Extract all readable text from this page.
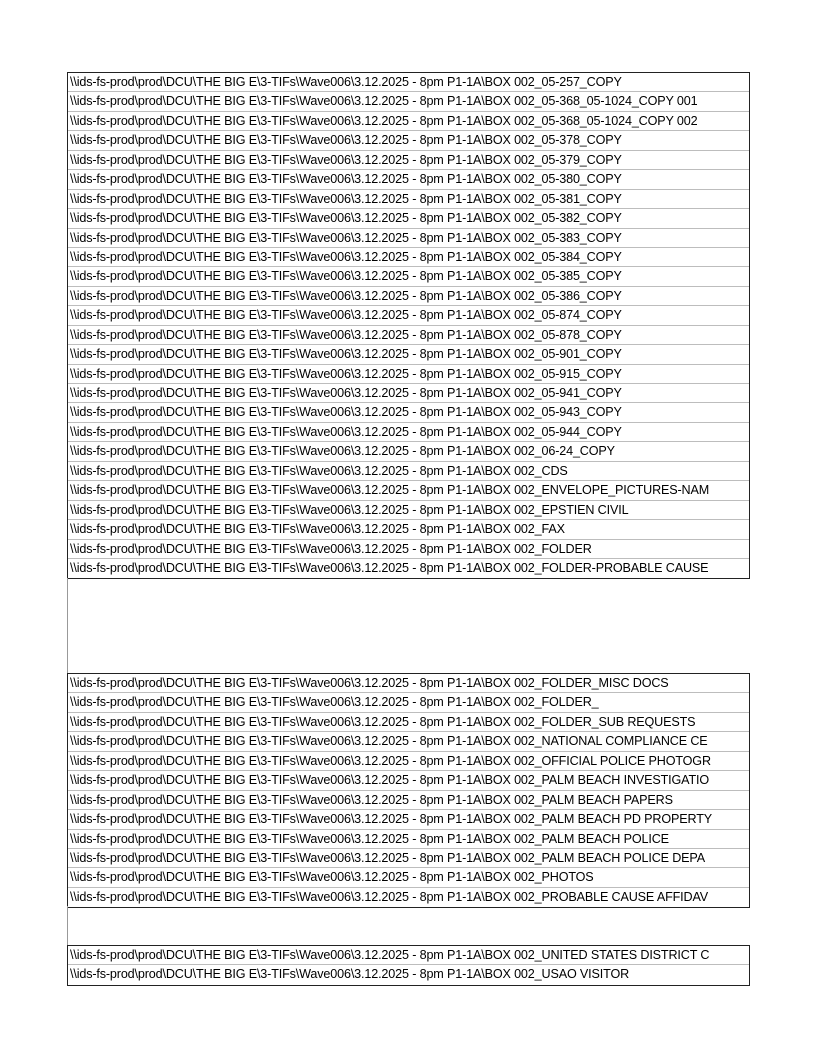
\\ids-fs-prod\prod\DCU\THE BIG E\3-TIFs\Wave006\3.12.2025 - 8pm P1-1A\BOX 002_05-257_COPY
\\ids-fs-prod\prod\DCU\THE BIG E\3-TIFs\Wave006\3.12.2025 - 8pm P1-1A\BOX 002_05-368_05-1024_COPY 001
\\ids-fs-prod\prod\DCU\THE BIG E\3-TIFs\Wave006\3.12.2025 - 8pm P1-1A\BOX 002_05-368_05-1024_COPY 002
\\ids-fs-prod\prod\DCU\THE BIG E\3-TIFs\Wave006\3.12.2025 - 8pm P1-1A\BOX 002_05-378_COPY
\\ids-fs-prod\prod\DCU\THE BIG E\3-TIFs\Wave006\3.12.2025 - 8pm P1-1A\BOX 002_05-379_COPY
\\ids-fs-prod\prod\DCU\THE BIG E\3-TIFs\Wave006\3.12.2025 - 8pm P1-1A\BOX 002_05-380_COPY
\\ids-fs-prod\prod\DCU\THE BIG E\3-TIFs\Wave006\3.12.2025 - 8pm P1-1A\BOX 002_05-381_COPY
\\ids-fs-prod\prod\DCU\THE BIG E\3-TIFs\Wave006\3.12.2025 - 8pm P1-1A\BOX 002_05-382_COPY
\\ids-fs-prod\prod\DCU\THE BIG E\3-TIFs\Wave006\3.12.2025 - 8pm P1-1A\BOX 002_05-383_COPY
\\ids-fs-prod\prod\DCU\THE BIG E\3-TIFs\Wave006\3.12.2025 - 8pm P1-1A\BOX 002_05-384_COPY
\\ids-fs-prod\prod\DCU\THE BIG E\3-TIFs\Wave006\3.12.2025 - 8pm P1-1A\BOX 002_05-385_COPY
\\ids-fs-prod\prod\DCU\THE BIG E\3-TIFs\Wave006\3.12.2025 - 8pm P1-1A\BOX 002_05-386_COPY
\\ids-fs-prod\prod\DCU\THE BIG E\3-TIFs\Wave006\3.12.2025 - 8pm P1-1A\BOX 002_05-874_COPY
\\ids-fs-prod\prod\DCU\THE BIG E\3-TIFs\Wave006\3.12.2025 - 8pm P1-1A\BOX 002_05-878_COPY
\\ids-fs-prod\prod\DCU\THE BIG E\3-TIFs\Wave006\3.12.2025 - 8pm P1-1A\BOX 002_05-901_COPY
\\ids-fs-prod\prod\DCU\THE BIG E\3-TIFs\Wave006\3.12.2025 - 8pm P1-1A\BOX 002_05-915_COPY
\\ids-fs-prod\prod\DCU\THE BIG E\3-TIFs\Wave006\3.12.2025 - 8pm P1-1A\BOX 002_05-941_COPY
\\ids-fs-prod\prod\DCU\THE BIG E\3-TIFs\Wave006\3.12.2025 - 8pm P1-1A\BOX 002_05-943_COPY
\\ids-fs-prod\prod\DCU\THE BIG E\3-TIFs\Wave006\3.12.2025 - 8pm P1-1A\BOX 002_05-944_COPY
\\ids-fs-prod\prod\DCU\THE BIG E\3-TIFs\Wave006\3.12.2025 - 8pm P1-1A\BOX 002_06-24_COPY
\\ids-fs-prod\prod\DCU\THE BIG E\3-TIFs\Wave006\3.12.2025 - 8pm P1-1A\BOX 002_CDS
\\ids-fs-prod\prod\DCU\THE BIG E\3-TIFs\Wave006\3.12.2025 - 8pm P1-1A\BOX 002_ENVELOPE_PICTURES-NAM
\\ids-fs-prod\prod\DCU\THE BIG E\3-TIFs\Wave006\3.12.2025 - 8pm P1-1A\BOX 002_EPSTIEN CIVIL
\\ids-fs-prod\prod\DCU\THE BIG E\3-TIFs\Wave006\3.12.2025 - 8pm P1-1A\BOX 002_FAX
\\ids-fs-prod\prod\DCU\THE BIG E\3-TIFs\Wave006\3.12.2025 - 8pm P1-1A\BOX 002_FOLDER
\\ids-fs-prod\prod\DCU\THE BIG E\3-TIFs\Wave006\3.12.2025 - 8pm P1-1A\BOX 002_FOLDER-PROBABLE CAUSE
\\ids-fs-prod\prod\DCU\THE BIG E\3-TIFs\Wave006\3.12.2025 - 8pm P1-1A\BOX 002_FOLDER_MISC DOCS
\\ids-fs-prod\prod\DCU\THE BIG E\3-TIFs\Wave006\3.12.2025 - 8pm P1-1A\BOX 002_FOLDER_
\\ids-fs-prod\prod\DCU\THE BIG E\3-TIFs\Wave006\3.12.2025 - 8pm P1-1A\BOX 002_FOLDER_SUB REQUESTS
\\ids-fs-prod\prod\DCU\THE BIG E\3-TIFs\Wave006\3.12.2025 - 8pm P1-1A\BOX 002_NATIONAL COMPLIANCE CE
\\ids-fs-prod\prod\DCU\THE BIG E\3-TIFs\Wave006\3.12.2025 - 8pm P1-1A\BOX 002_OFFICIAL POLICE PHOTOGR
\\ids-fs-prod\prod\DCU\THE BIG E\3-TIFs\Wave006\3.12.2025 - 8pm P1-1A\BOX 002_PALM BEACH INVESTIGATIO
\\ids-fs-prod\prod\DCU\THE BIG E\3-TIFs\Wave006\3.12.2025 - 8pm P1-1A\BOX 002_PALM BEACH PAPERS
\\ids-fs-prod\prod\DCU\THE BIG E\3-TIFs\Wave006\3.12.2025 - 8pm P1-1A\BOX 002_PALM BEACH PD PROPERTY
\\ids-fs-prod\prod\DCU\THE BIG E\3-TIFs\Wave006\3.12.2025 - 8pm P1-1A\BOX 002_PALM BEACH POLICE
\\ids-fs-prod\prod\DCU\THE BIG E\3-TIFs\Wave006\3.12.2025 - 8pm P1-1A\BOX 002_PALM BEACH POLICE DEPA
\\ids-fs-prod\prod\DCU\THE BIG E\3-TIFs\Wave006\3.12.2025 - 8pm P1-1A\BOX 002_PHOTOS
\\ids-fs-prod\prod\DCU\THE BIG E\3-TIFs\Wave006\3.12.2025 - 8pm P1-1A\BOX 002_PROBABLE CAUSE AFFIDAV
\\ids-fs-prod\prod\DCU\THE BIG E\3-TIFs\Wave006\3.12.2025 - 8pm P1-1A\BOX 002_UNITED STATES DISTRICT C
\\ids-fs-prod\prod\DCU\THE BIG E\3-TIFs\Wave006\3.12.2025 - 8pm P1-1A\BOX 002_USAO VISITOR
